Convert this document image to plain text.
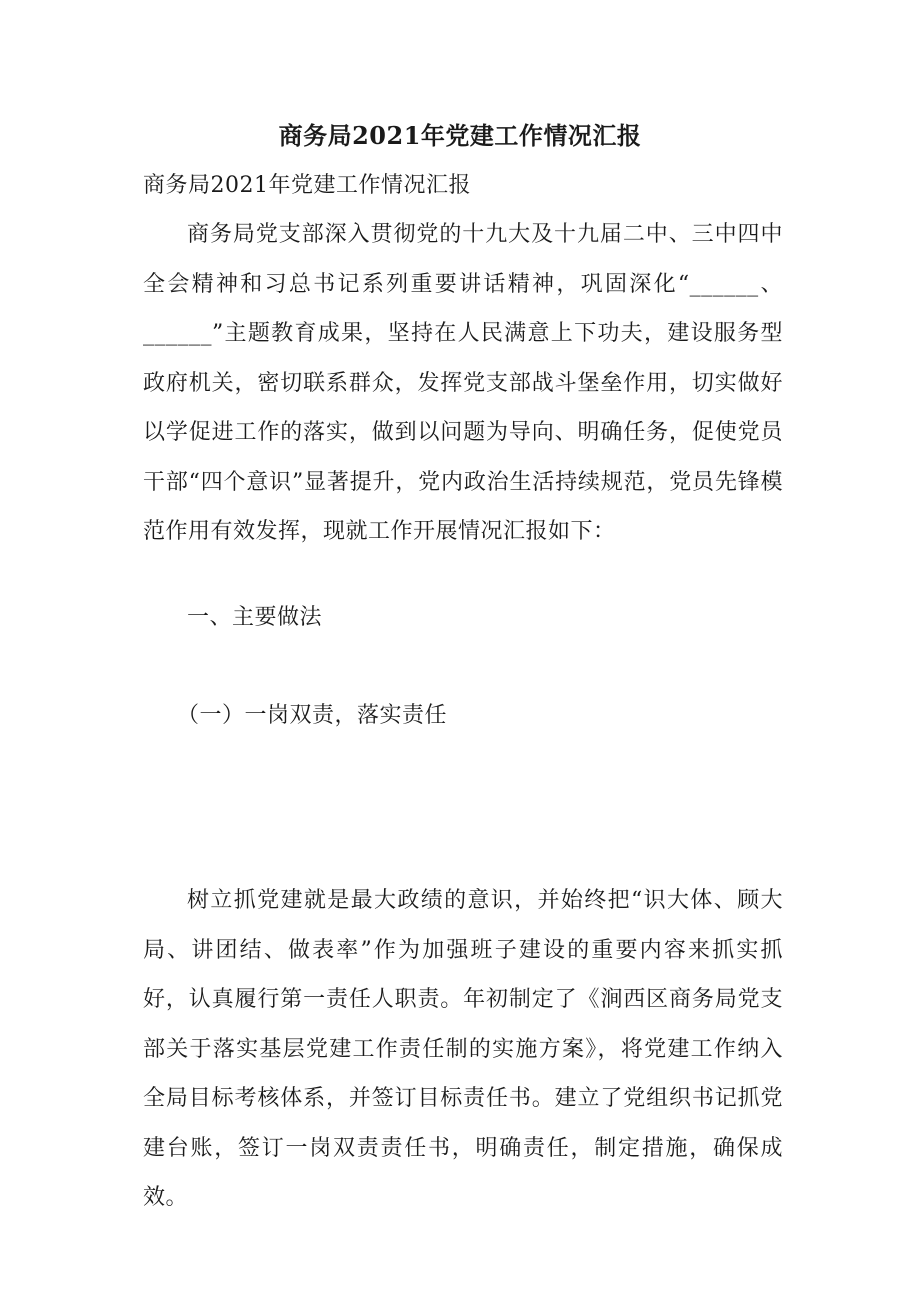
商务局2021年党建工作情况汇报
商务局2021年党建工作情况汇报

商务局党支部深入贯彻党的十九大及十九届二中、三中四中全会精神和习总书记系列重要讲话精神，巩固深化“______、______”主题教育成果，坚持在人民满意上下功夫，建设服务型政府机关，密切联系群众，发挥党支部战斗堡垒作用，切实做好以学促进工作的落实，做到以问题为导向、明确任务，促使党员干部“四个意识”显著提升，党内政治生活持续规范，党员先锋模范作用有效发挥，现就工作开展情况汇报如下：

一、主要做法
（一）一岗双责，落实责任

树立抓党建就是最大政绩的意识，并始终把“识大体、顾大局、讲团结、做表率”作为加强班子建设的重要内容来抓实抓好，认真履行第一责任人职责。年初制定了《涧西区商务局党支部关于落实基层党建工作责任制的实施方案》，将党建工作纳入全局目标考核体系，并签订目标责任书。建立了党组织书记抓党建台账，签订一岗双责责任书，明确责任，制定措施，确保成效。
